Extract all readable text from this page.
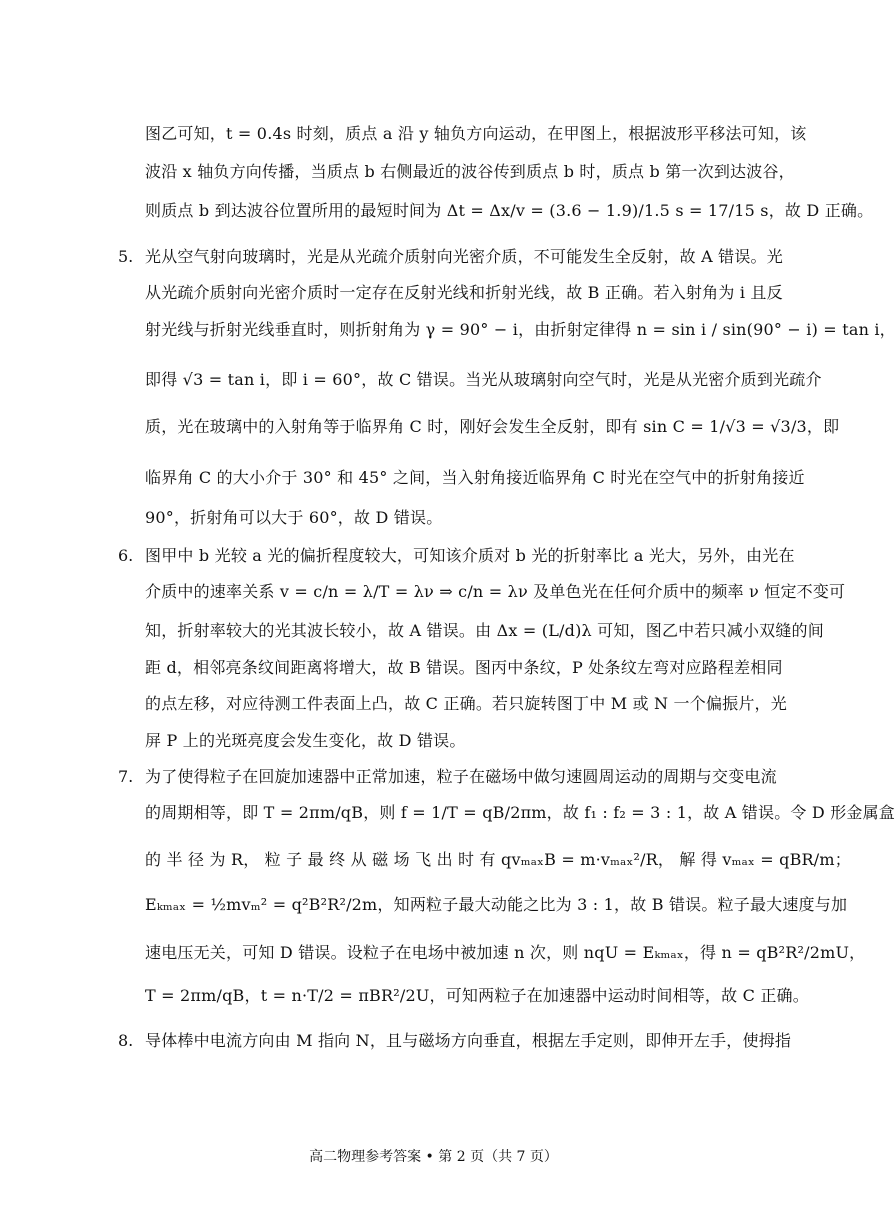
图乙可知，t = 0.4s 时刻，质点 a 沿 y 轴负方向运动，在甲图上，根据波形平移法可知，该
波沿 x 轴负方向传播，当质点 b 右侧最近的波谷传到质点 b 时，质点 b 第一次到达波谷，
则质点 b 到达波谷位置所用的最短时间为 Δt = Δx/v = (3.6 − 1.9)/1.5 s = 17/15 s，故 D 正确。
5. 光从空气射向玻璃时，光是从光疏介质射向光密介质，不可能发生全反射，故 A 错误。光
从光疏介质射向光密介质时一定存在反射光线和折射光线，故 B 正确。若入射角为 i 且反
射光线与折射光线垂直时，则折射角为 γ = 90° − i，由折射定律得 n = sin i / sin(90° − i) = tan i，
即得 √3 = tan i，即 i = 60°，故 C 错误。当光从玻璃射向空气时，光是从光密介质到光疏介
质，光在玻璃中的入射角等于临界角 C 时，刚好会发生全反射，即有 sin C = 1/√3 = √3/3，即
临界角 C 的大小介于 30° 和 45° 之间，当入射角接近临界角 C 时光在空气中的折射角接近
90°，折射角可以大于 60°，故 D 错误。
6. 图甲中 b 光较 a 光的偏折程度较大，可知该介质对 b 光的折射率比 a 光大，另外，由光在
介质中的速率关系 v = c/n = λ/T = λν ⇒ c/n = λν 及单色光在任何介质中的频率 ν 恒定不变可
知，折射率较大的光其波长较小，故 A 错误。由 Δx = (L/d)λ 可知，图乙中若只减小双缝的间
距 d，相邻亮条纹间距离将增大，故 B 错误。图丙中条纹，P 处条纹左弯对应路程差相同
的点左移，对应待测工件表面上凸，故 C 正确。若只旋转图丁中 M 或 N 一个偏振片，光
屏 P 上的光斑亮度会发生变化，故 D 错误。
7. 为了使得粒子在回旋加速器中正常加速，粒子在磁场中做匀速圆周运动的周期与交变电流
的周期相等，即 T = 2πm/qB，则 f = 1/T = qB/2πm，故 f₁ : f₂ = 3 : 1，故 A 错误。令 D 形金属盒
的 半 径 为 R， 粒 子 最 终 从 磁 场 飞 出 时 有 qvₘₐₓB = m·vₘₐₓ²/R， 解 得 vₘₐₓ = qBR/m；
Eₖₘₐₓ = ½mvₘ² = q²B²R²/2m，知两粒子最大动能之比为 3 : 1，故 B 错误。粒子最大速度与加
速电压无关，可知 D 错误。设粒子在电场中被加速 n 次，则 nqU = Eₖₘₐₓ，得 n = qB²R²/2mU，
T = 2πm/qB，t = n·T/2 = πBR²/2U，可知两粒子在加速器中运动时间相等，故 C 正确。
8. 导体棒中电流方向由 M 指向 N，且与磁场方向垂直，根据左手定则，即伸开左手，使拇指
高二物理参考答案 • 第 2 页（共 7 页）
